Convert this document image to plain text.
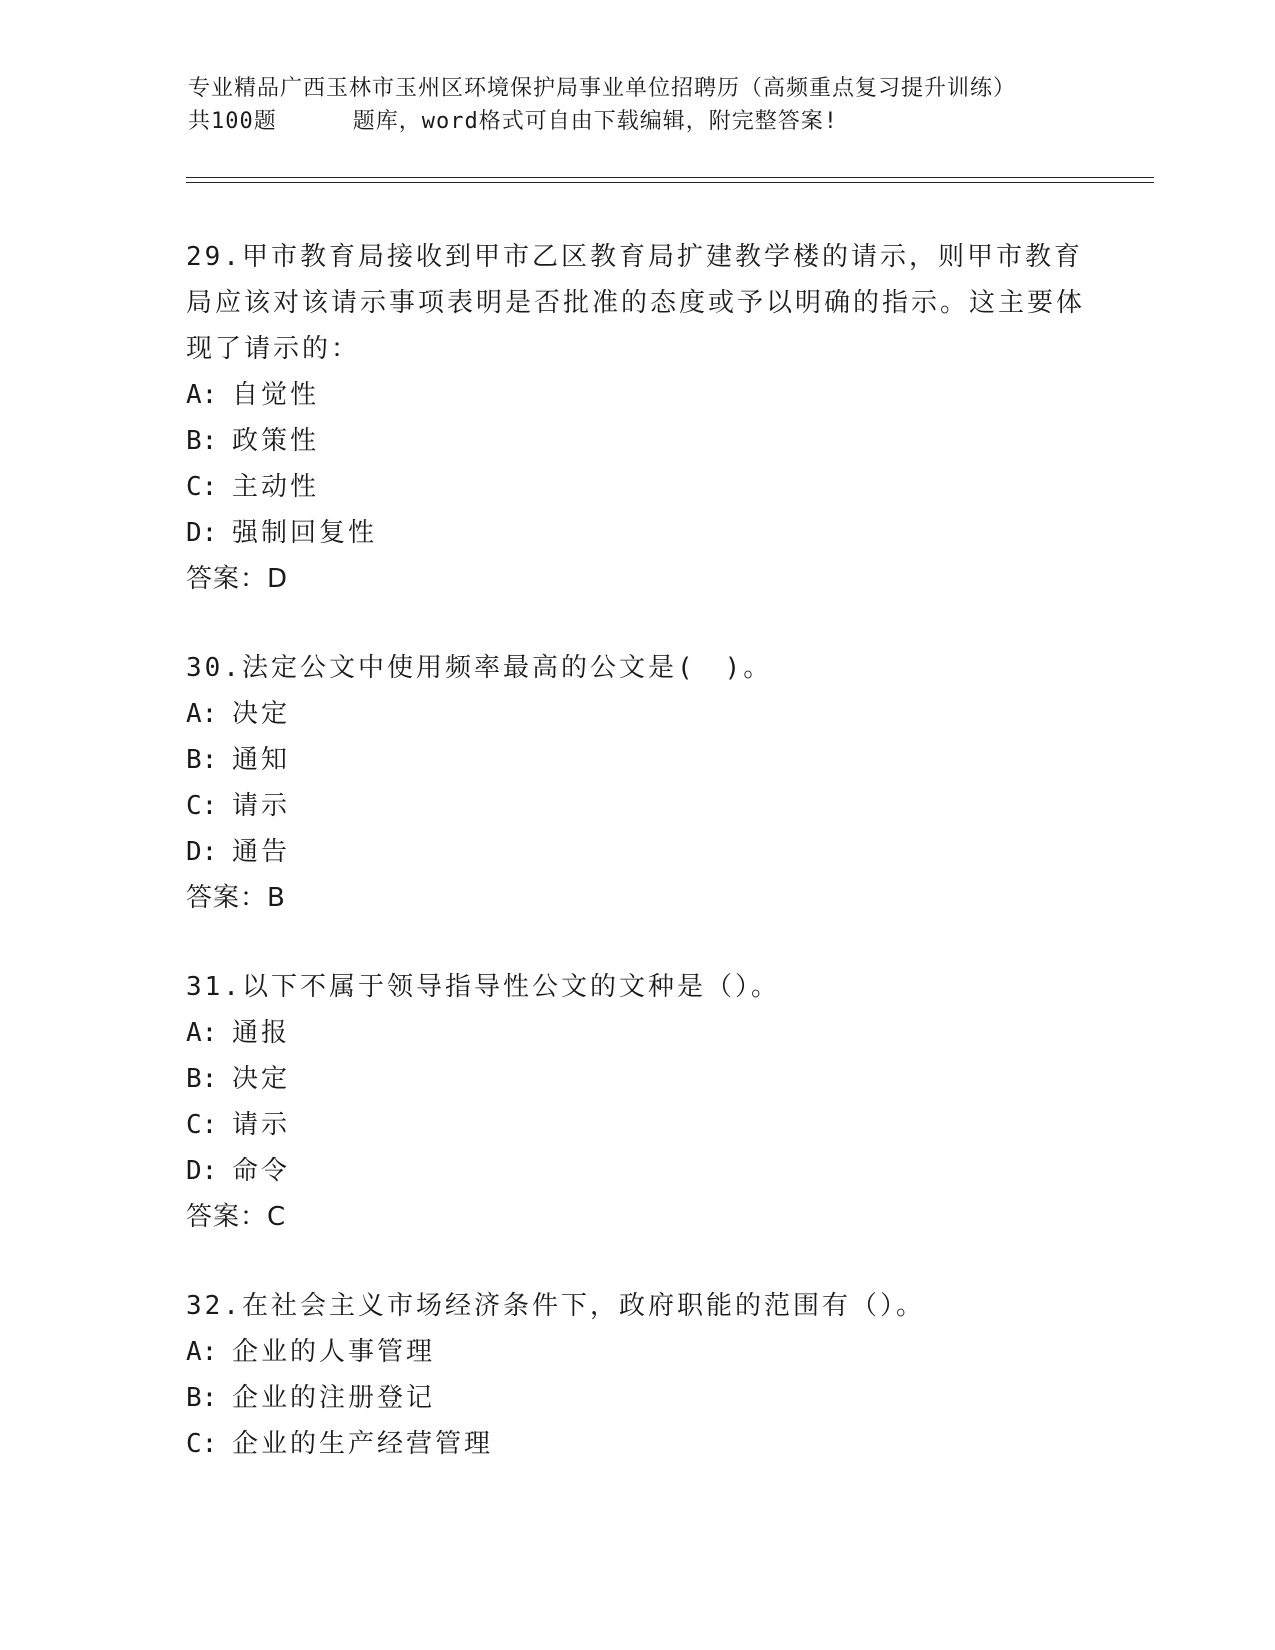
专业精品广西玉林市玉州区环境保护局事业单位招聘历（高频重点复习提升训练）
共100题	题库，word格式可自由下载编辑，附完整答案!

29.甲市教育局接收到甲市乙区教育局扩建教学楼的请示，则甲市教育局应该对该请示事项表明是否批准的态度或予以明确的指示。这主要体现了请示的：

A: 自觉性

B: 政策性

C: 主动性

D: 强制回复性

答案：D

30.法定公文中使用频率最高的公文是(　)。

A: 决定

B: 通知

C: 请示

D: 通告

答案：B

31.以下不属于领导指导性公文的文种是（）。

A: 通报

B: 决定

C: 请示

D: 命令

答案：C

32.在社会主义市场经济条件下，政府职能的范围有（）。

A: 企业的人事管理

B: 企业的注册登记

C: 企业的生产经营管理
